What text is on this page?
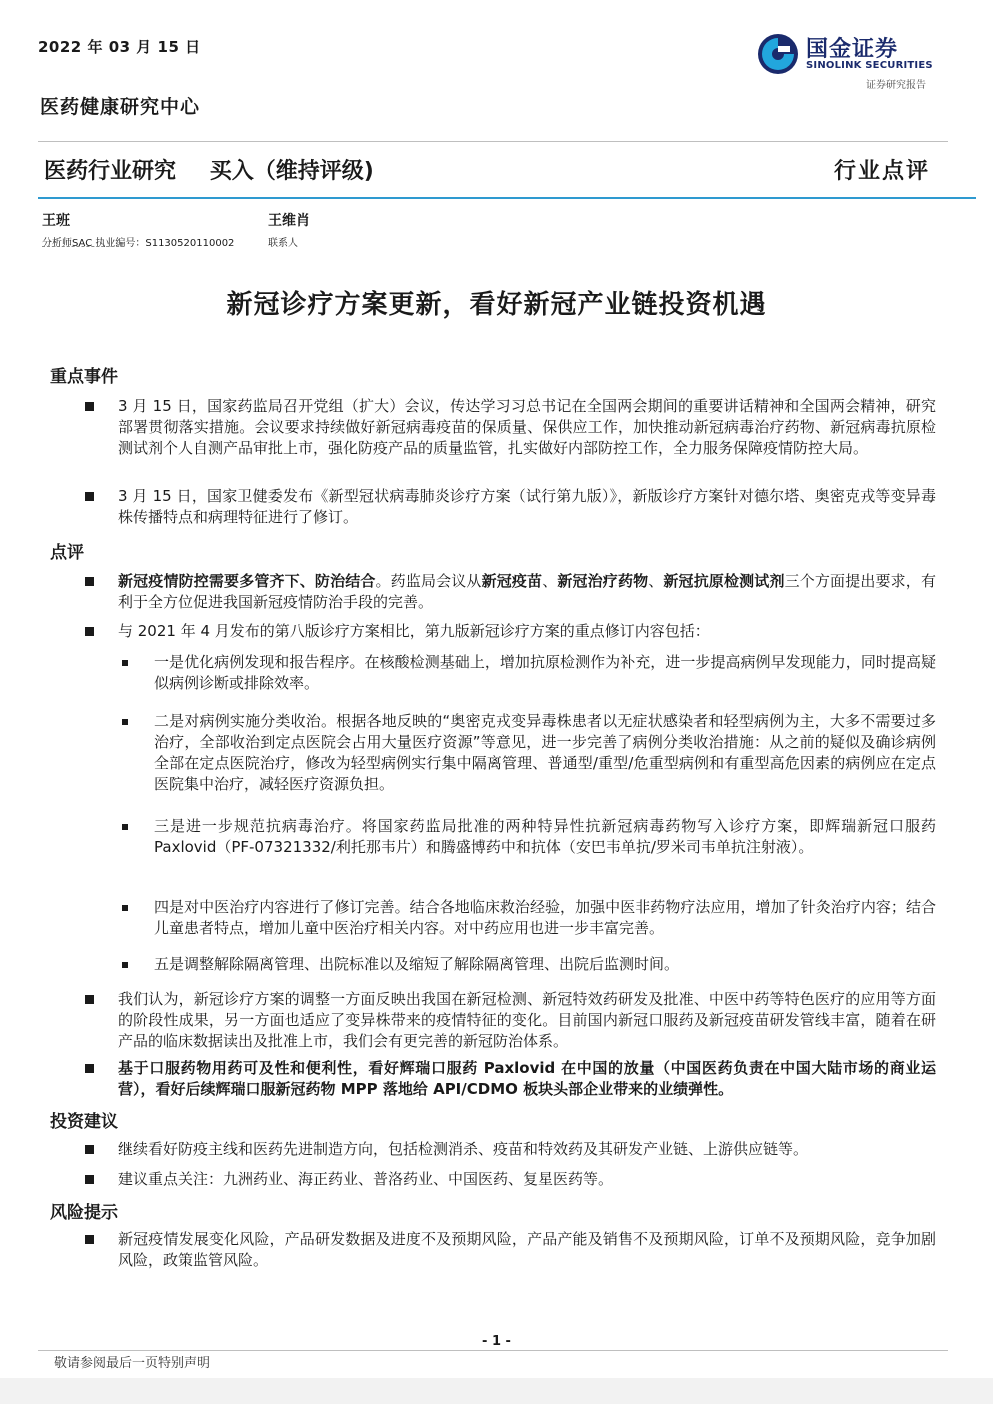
2022 年 03 月 15 日	国金证券
SINOLINK SECURITIES
证券研究报告
医药健康研究中心
医药行业研究 买入（维持评级)	行业点评
王班
分析师SAC 执业编号：S1130520110002
王维肖
联系人
新冠诊疗方案更新，看好新冠产业链投资机遇
重点事件
3 月 15 日，国家药监局召开党组（扩大）会议，传达学习习总书记在全国两会期间的重要讲话精神和全国两会精神，研究部署贯彻落实措施。会议要求持续做好新冠病毒疫苗的保质量、保供应工作，加快推动新冠病毒治疗药物、新冠病毒抗原检测试剂个人自测产品审批上市，强化防疫产品的质量监管，扎实做好内部防控工作，全力服务保障疫情防控大局。
3 月 15 日，国家卫健委发布《新型冠状病毒肺炎诊疗方案（试行第九版）》，新版诊疗方案针对德尔塔、奥密克戎等变异毒株传播特点和病理特征进行了修订。
点评
新冠疫情防控需要多管齐下、防治结合。药监局会议从新冠疫苗、新冠治疗药物、新冠抗原检测试剂三个方面提出要求，有利于全方位促进我国新冠疫情防治手段的完善。
与 2021 年 4 月发布的第八版诊疗方案相比，第九版新冠诊疗方案的重点修订内容包括：
一是优化病例发现和报告程序。在核酸检测基础上，增加抗原检测作为补充，进一步提高病例早发现能力，同时提高疑似病例诊断或排除效率。
二是对病例实施分类收治。根据各地反映的“奥密克戎变异毒株患者以无症状感染者和轻型病例为主，大多不需要过多治疗，全部收治到定点医院会占用大量医疗资源”等意见，进一步完善了病例分类收治措施：从之前的疑似及确诊病例全部在定点医院治疗，修改为轻型病例实行集中隔离管理、普通型/重型/危重型病例和有重型高危因素的病例应在定点医院集中治疗，减轻医疗资源负担。
三是进一步规范抗病毒治疗。将国家药监局批准的两种特异性抗新冠病毒药物写入诊疗方案，即辉瑞新冠口服药 Paxlovid（PF-07321332/利托那韦片）和腾盛博药中和抗体（安巴韦单抗/罗米司韦单抗注射液）。
四是对中医治疗内容进行了修订完善。结合各地临床救治经验，加强中医非药物疗法应用，增加了针灸治疗内容；结合儿童患者特点，增加儿童中医治疗相关内容。对中药应用也进一步丰富完善。
五是调整解除隔离管理、出院标准以及缩短了解除隔离管理、出院后监测时间。
我们认为，新冠诊疗方案的调整一方面反映出我国在新冠检测、新冠特效药研发及批准、中医中药等特色医疗的应用等方面的阶段性成果，另一方面也适应了变异株带来的疫情特征的变化。目前国内新冠口服药及新冠疫苗研发管线丰富，随着在研产品的临床数据读出及批准上市，我们会有更完善的新冠防治体系。
基于口服药物用药可及性和便利性，看好辉瑞口服药 Paxlovid 在中国的放量（中国医药负责在中国大陆市场的商业运营），看好后续辉瑞口服新冠药物 MPP 落地给 API/CDMO 板块头部企业带来的业绩弹性。
投资建议
继续看好防疫主线和医药先进制造方向，包括检测消杀、疫苗和特效药及其研发产业链、上游供应链等。
建议重点关注：九洲药业、海正药业、普洛药业、中国医药、复星医药等。
风险提示
新冠疫情发展变化风险，产品研发数据及进度不及预期风险，产品产能及销售不及预期风险，订单不及预期风险，竞争加剧风险，政策监管风险。
- 1 -
敬请参阅最后一页特别声明
